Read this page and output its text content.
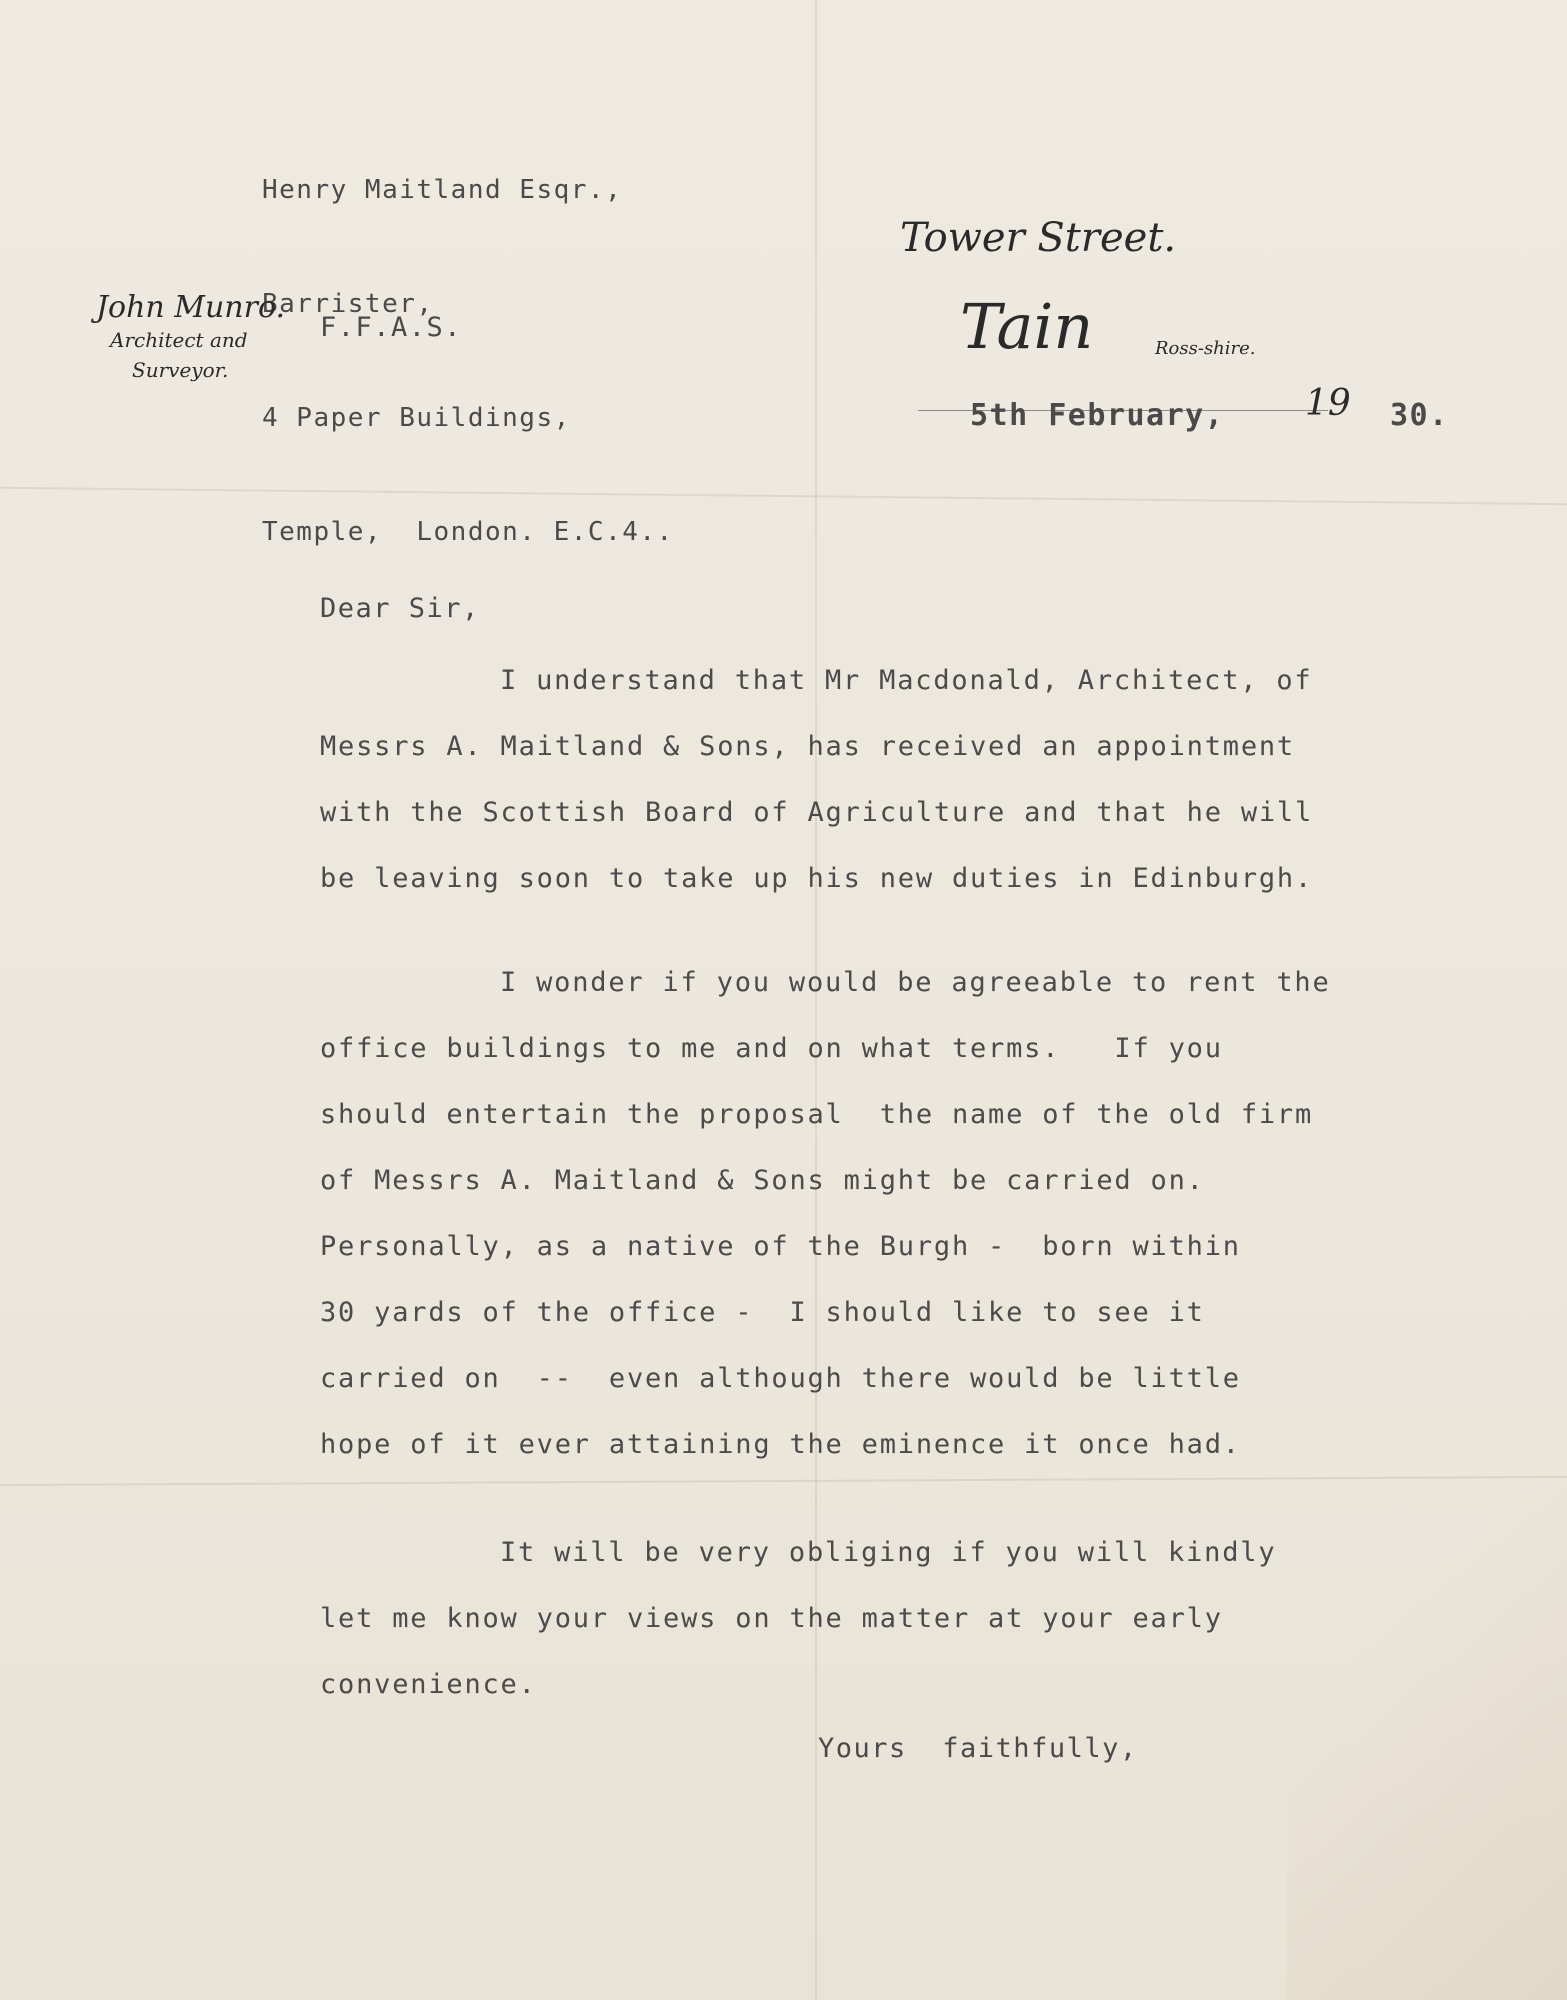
Henry Maitland Esqr.,

Barrister,

4 Paper Buildings,

Temple,  London. E.C.4..

John Munro.
Architect and
Surveyor.
F.F.A.S.
Tower Street.
Tain	Ross-shire.
5th February, 19 30.
Dear Sir,
I understand that Mr Macdonald, Architect, of
Messrs A. Maitland & Sons, has received an appointment
with the Scottish Board of Agriculture and that he will
be leaving soon to take up his new duties in Edinburgh.
I wonder if you would be agreeable to rent the
office buildings to me and on what terms.   If you
should entertain the proposal  the name of the old firm
of Messrs A. Maitland & Sons might be carried on.
Personally, as a native of the Burgh -  born within
30 yards of the office -  I should like to see it
carried on  --  even although there would be little
hope of it ever attaining the eminence it once had.
It will be very obliging if you will kindly
let me know your views on the matter at your early
convenience.
Yours  faithfully,
